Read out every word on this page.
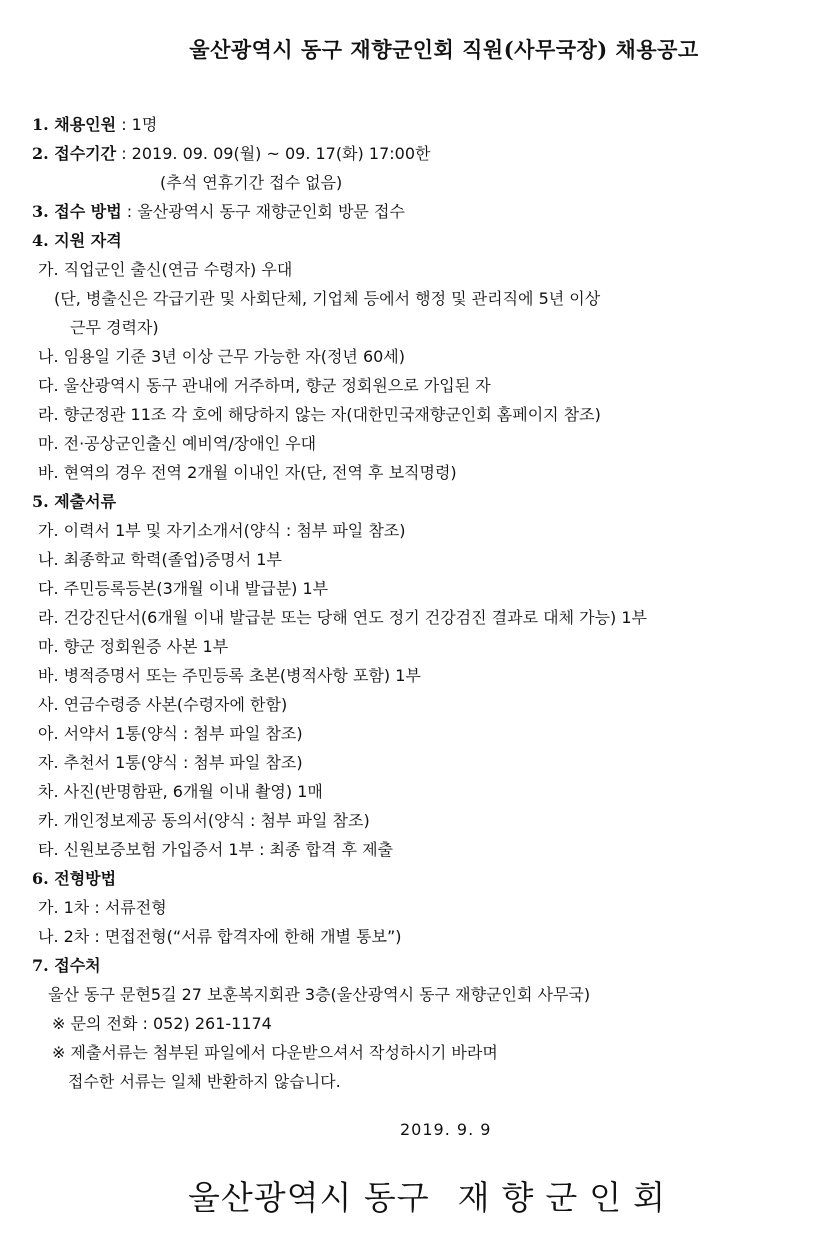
울산광역시 동구 재향군인회 직원(사무국장) 채용공고
1. 채용인원 : 1명
2. 접수기간 : 2019. 09. 09(월) ~ 09. 17(화) 17:00한
(추석 연휴기간 접수 없음)
3. 접수 방법 : 울산광역시 동구 재향군인회 방문 접수
4. 지원 자격
가. 직업군인 출신(연금 수령자) 우대
(단, 병출신은 각급기관 및 사회단체, 기업체 등에서 행정 및 관리직에 5년 이상
근무 경력자)
나. 임용일 기준 3년 이상 근무 가능한 자(정년 60세)
다. 울산광역시 동구 관내에 거주하며, 향군 정회원으로 가입된 자
라. 향군정관 11조 각 호에 해당하지 않는 자(대한민국재향군인회 홈페이지 참조)
마. 전·공상군인출신 예비역/장애인 우대
바. 현역의 경우 전역 2개월 이내인 자(단, 전역 후 보직명령)
5. 제출서류
가. 이력서 1부 및 자기소개서(양식 : 첨부 파일 참조)
나. 최종학교 학력(졸업)증명서 1부
다. 주민등록등본(3개월 이내 발급분) 1부
라. 건강진단서(6개월 이내 발급분 또는 당해 연도 정기 건강검진 결과로 대체 가능) 1부
마. 향군 정회원증 사본 1부
바. 병적증명서 또는 주민등록 초본(병적사항 포함) 1부
사. 연금수령증 사본(수령자에 한함)
아. 서약서 1통(양식 : 첨부 파일 참조)
자. 추천서 1통(양식 : 첨부 파일 참조)
차. 사진(반명함판, 6개월 이내 촬영) 1매
카. 개인정보제공 동의서(양식 : 첨부 파일 참조)
타. 신원보증보험 가입증서 1부 : 최종 합격 후 제출
6. 전형방법
가. 1차 : 서류전형
나. 2차 : 면접전형(“서류 합격자에 한해 개별 통보”)
7. 접수처
울산 동구 문현5길 27 보훈복지회관 3층(울산광역시 동구 재향군인회 사무국)
※ 문의 전화 : 052) 261-1174
※ 제출서류는 첨부된 파일에서 다운받으셔서 작성하시기 바라며
접수한 서류는 일체 반환하지 않습니다.
2019. 9. 9
울산광역시 동구 재향군인회
